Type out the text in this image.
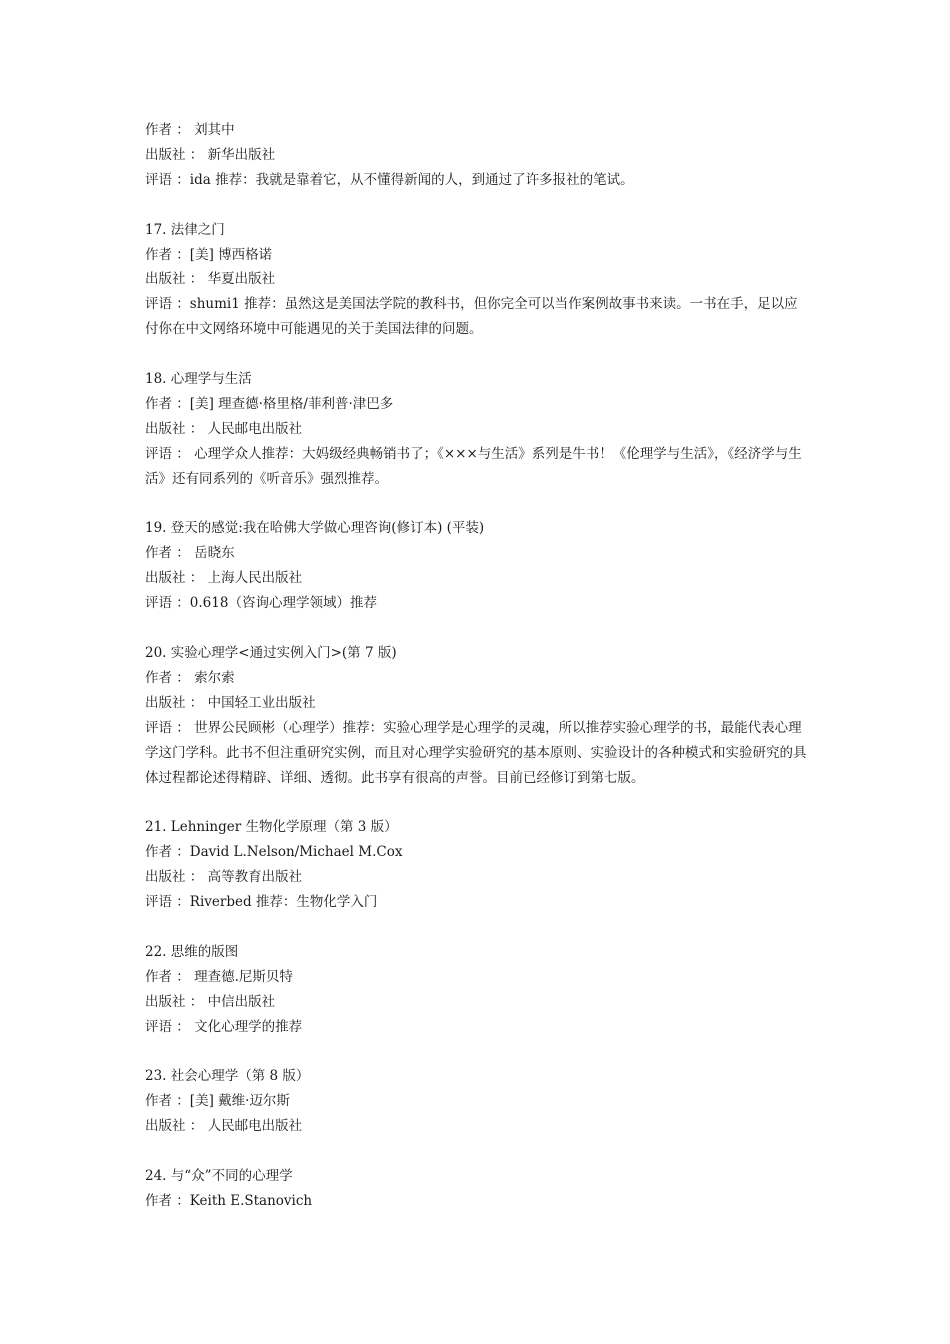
作者 ： 刘其中
出版社 ： 新华出版社
评语 ：ida 推荐：我就是靠着它，从不懂得新闻的人，到通过了许多报社的笔试。
17. 法律之门
作者 ：[美] 博西格诺
出版社 ： 华夏出版社
评语 ：shumi1 推荐：虽然这是美国法学院的教科书，但你完全可以当作案例故事书来读。一书在手，足以应付你在中文网络环境中可能遇见的关于美国法律的问题。
18. 心理学与生活
作者 ：[美] 理查德·格里格/菲利普·津巴多
出版社 ： 人民邮电出版社
评语 ： 心理学众人推荐：大妈级经典畅销书了；《×××与生活》系列是牛书！《伦理学与生活》，《经济学与生活》还有同系列的《听音乐》强烈推荐。
19. 登天的感觉:我在哈佛大学做心理咨询(修订本) (平装)
作者 ： 岳晓东
出版社 ： 上海人民出版社
评语 ：0.618（咨询心理学领域）推荐
20. 实验心理学<通过实例入门>(第 7 版)
作者 ： 索尔索
出版社 ： 中国轻工业出版社
评语 ： 世界公民顾彬（心理学）推荐：实验心理学是心理学的灵魂，所以推荐实验心理学的书，最能代表心理学这门学科。此书不但注重研究实例，而且对心理学实验研究的基本原则、实验设计的各种模式和实验研究的具体过程都论述得精辟、详细、透彻。此书享有很高的声誉。目前已经修订到第七版。
21. Lehninger 生物化学原理（第 3 版）
作者 ：David L.Nelson/Michael M.Cox
出版社 ： 高等教育出版社
评语 ：Riverbed 推荐：生物化学入门
22. 思维的版图
作者 ： 理查德.尼斯贝特
出版社 ： 中信出版社
评语 ： 文化心理学的推荐
23. 社会心理学（第 8 版）
作者 ：[美] 戴维·迈尔斯
出版社 ： 人民邮电出版社
24. 与“众”不同的心理学
作者 ：Keith E.Stanovich
